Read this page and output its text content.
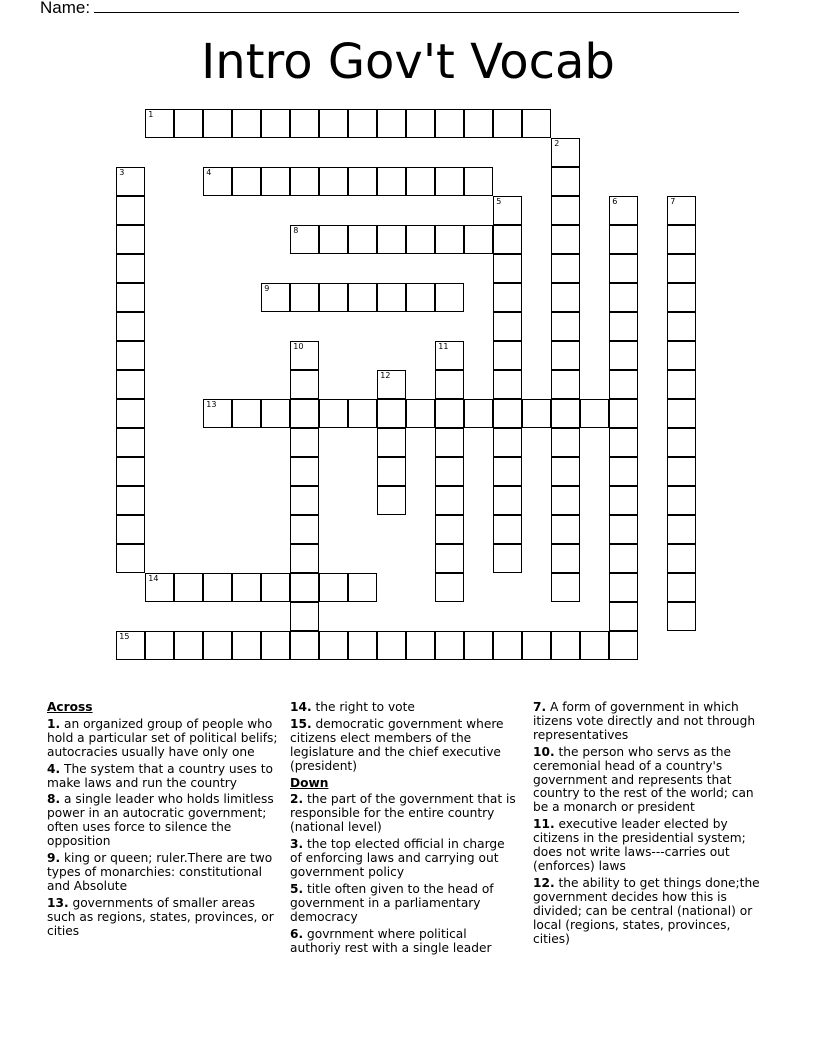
Name:
Intro Gov't Vocab
1
2
3	4
5	6	7
8
9
10	11
12
13
14
15
Across
1. an organized group of people who hold a particular set of political belifs; autocracies usually have only one
4. The system that a country uses to make laws and run the country
8. a single leader who holds limitless power in an autocratic government; often uses force to silence the opposition
9. king or queen; ruler.There are two types of monarchies: constitutional and Absolute
13. governments of smaller areas such as regions, states, provinces, or cities
14. the right to vote
15. democratic government where citizens elect members of the legislature and the chief executive (president)
Down
2. the part of the government that is responsible for the entire country (national level)
3. the top elected official in charge of enforcing laws and carrying out government policy
5. title often given to the head of government in a parliamentary democracy
6. govrnment where political authoriy rest with a single leader
7. A form of government in which itizens vote directly and not through representatives
10. the person who servs as the ceremonial head of a country's government and represents that country to the rest of the world; can be a monarch or president
11. executive leader elected by citizens in the presidential system; does not write laws---carries out (enforces) laws
12. the ability to get things done;the government decides how this is divided; can be central (national) or local (regions, states, provinces, cities)
